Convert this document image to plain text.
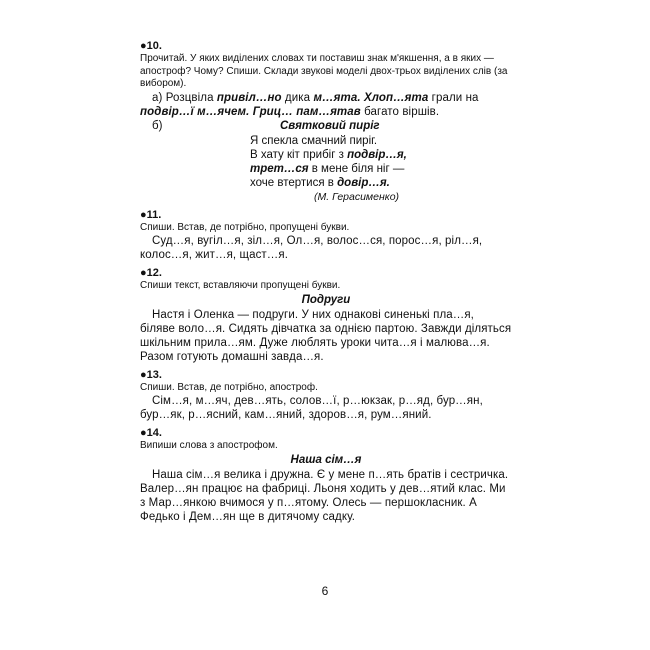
●10.
Прочитай. У яких виділених словах ти поставиш знак м'якшення, а в яких — апостроф? Чому? Спиши. Склади звукові моделі двох-трьох виділених слів (за вибором).
а) Розцвіла привіл…но дика м…ята. Хлоп…ята грали на подвір…ї м…ячем. Гриц… пам…ятав багато віршів.
б)	Святковий пиріг
Я спекла смачний пиріг.
В хату кіт прибіг з подвір…я,
трет…ся в мене біля ніг —
хоче втертися в довір…я.
(М. Герасименко)
●11.
Спиши. Встав, де потрібно, пропущені букви.
Суд…я, вугіл…я, зіл…я, Ол…я, волос…ся, порос…я, ріл…я, колос…я, жит…я, щаст…я.
●12.
Спиши текст, вставляючи пропущені букви.
Подруги
Настя і Оленка — подруги. У них однакові синенькі пла…я, біляве воло…я. Сидять дівчатка за однією партою. Завжди діляться шкільним прила…ям. Дуже люблять уроки чита…я і малюва…я. Разом готують домашні завда…я.
●13.
Спиши. Встав, де потрібно, апостроф.
Сім…я, м…яч, дев…ять, солов…ї, р…юкзак, р…яд, бур…ян, бур…як, р…ясний, кам…яний, здоров…я, рум…яний.
●14.
Випиши слова з апострофом.
Наша сім…я
Наша сім…я велика і дружна. Є у мене п…ять братів і сестричка. Валер…ян працює на фабриці. Льоня ходить у дев…ятий клас. Ми з Мар…янкою вчимося у п…ятому. Олесь — першокласник. А Федько і Дем…ян ще в дитячому садку.
6
